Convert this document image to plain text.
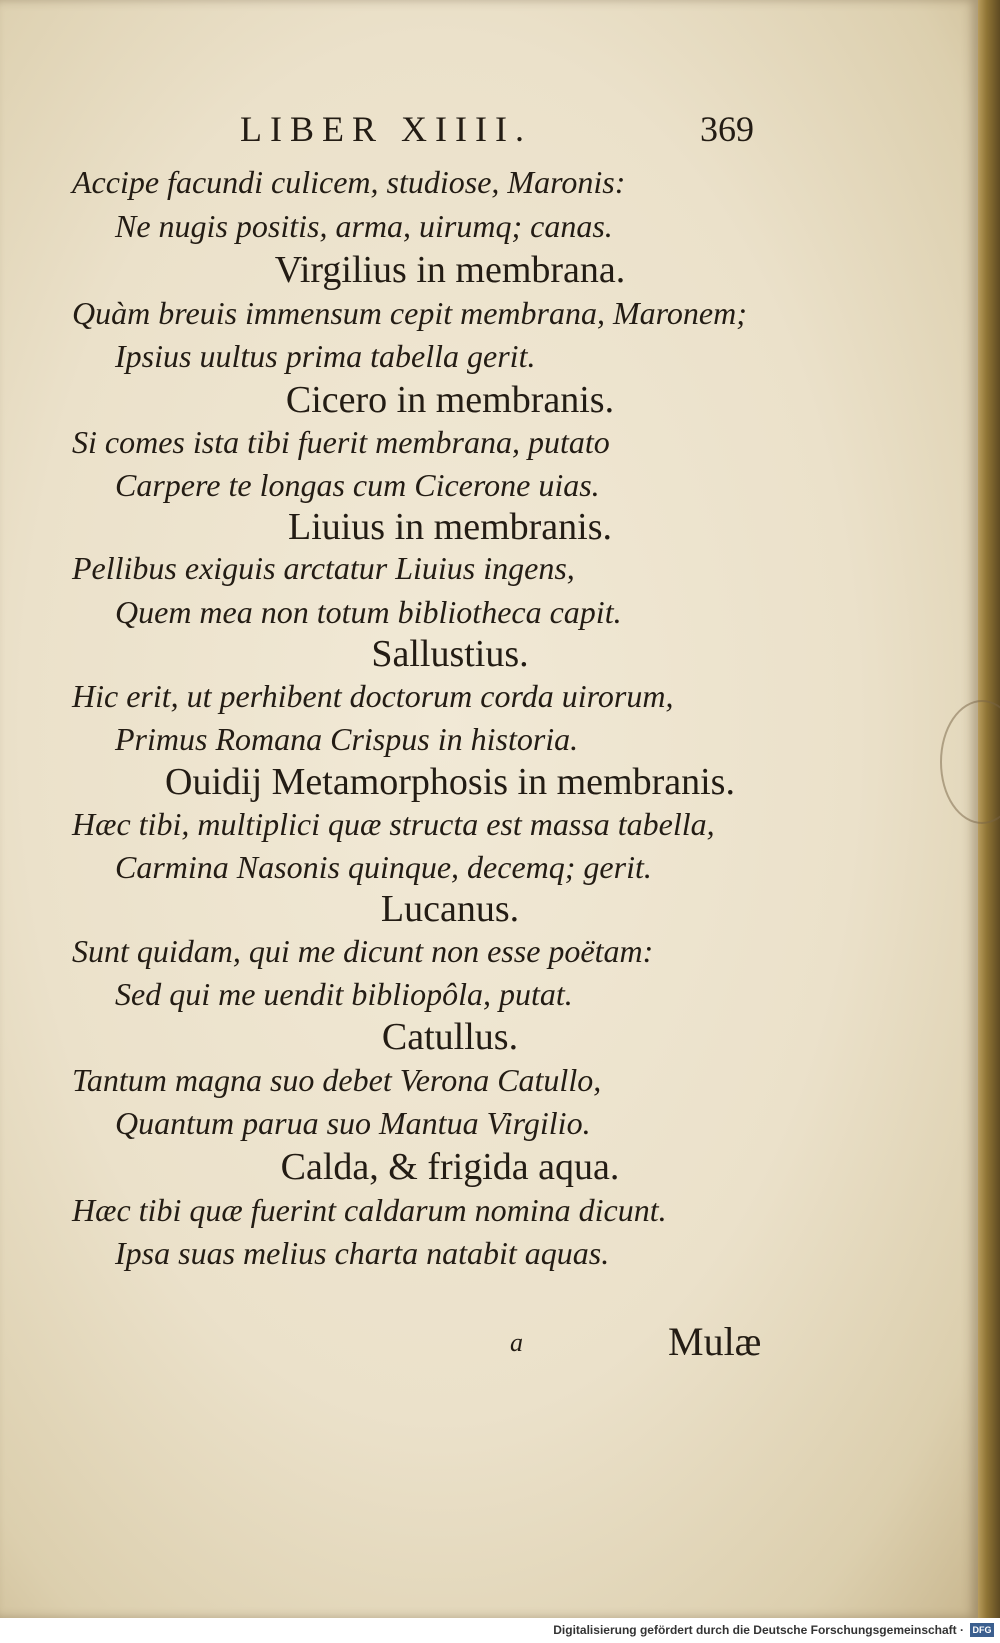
LIBER XIIII.	369
Accipe facundi culicem, studiose, Maronis:
Ne nugis positis, arma, uirumq; canas.
Virgilius in membrana.
Quàm breuis immensum cepit membrana, Maronem;
Ipsius uultus prima tabella gerit.
Cicero in membranis.
Si comes ista tibi fuerit membrana, putato
Carpere te longas cum Cicerone uias.
Liuius in membranis.
Pellibus exiguis arctatur Liuius ingens,
Quem mea non totum bibliotheca capit.
Sallustius.
Hic erit, ut perhibent doctorum corda uirorum,
Primus Romana Crispus in historia.
Ouidij Metamorphosis in membranis.
Hæc tibi, multiplici quæ structa est massa tabella,
Carmina Nasonis quinque, decemq; gerit.
Lucanus.
Sunt quidam, qui me dicunt non esse poëtam:
Sed qui me uendit bibliopôla, putat.
Catullus.
Tantum magna suo debet Verona Catullo,
Quantum parua suo Mantua Virgilio.
Calda, & frigida aqua.
Hæc tibi quæ fuerint caldarum nomina dicunt.
Ipsa suas melius charta natabit aquas.
a	Mulæ
Digitalisierung gefördert durch die Deutsche Forschungsgemeinschaft · DFG
